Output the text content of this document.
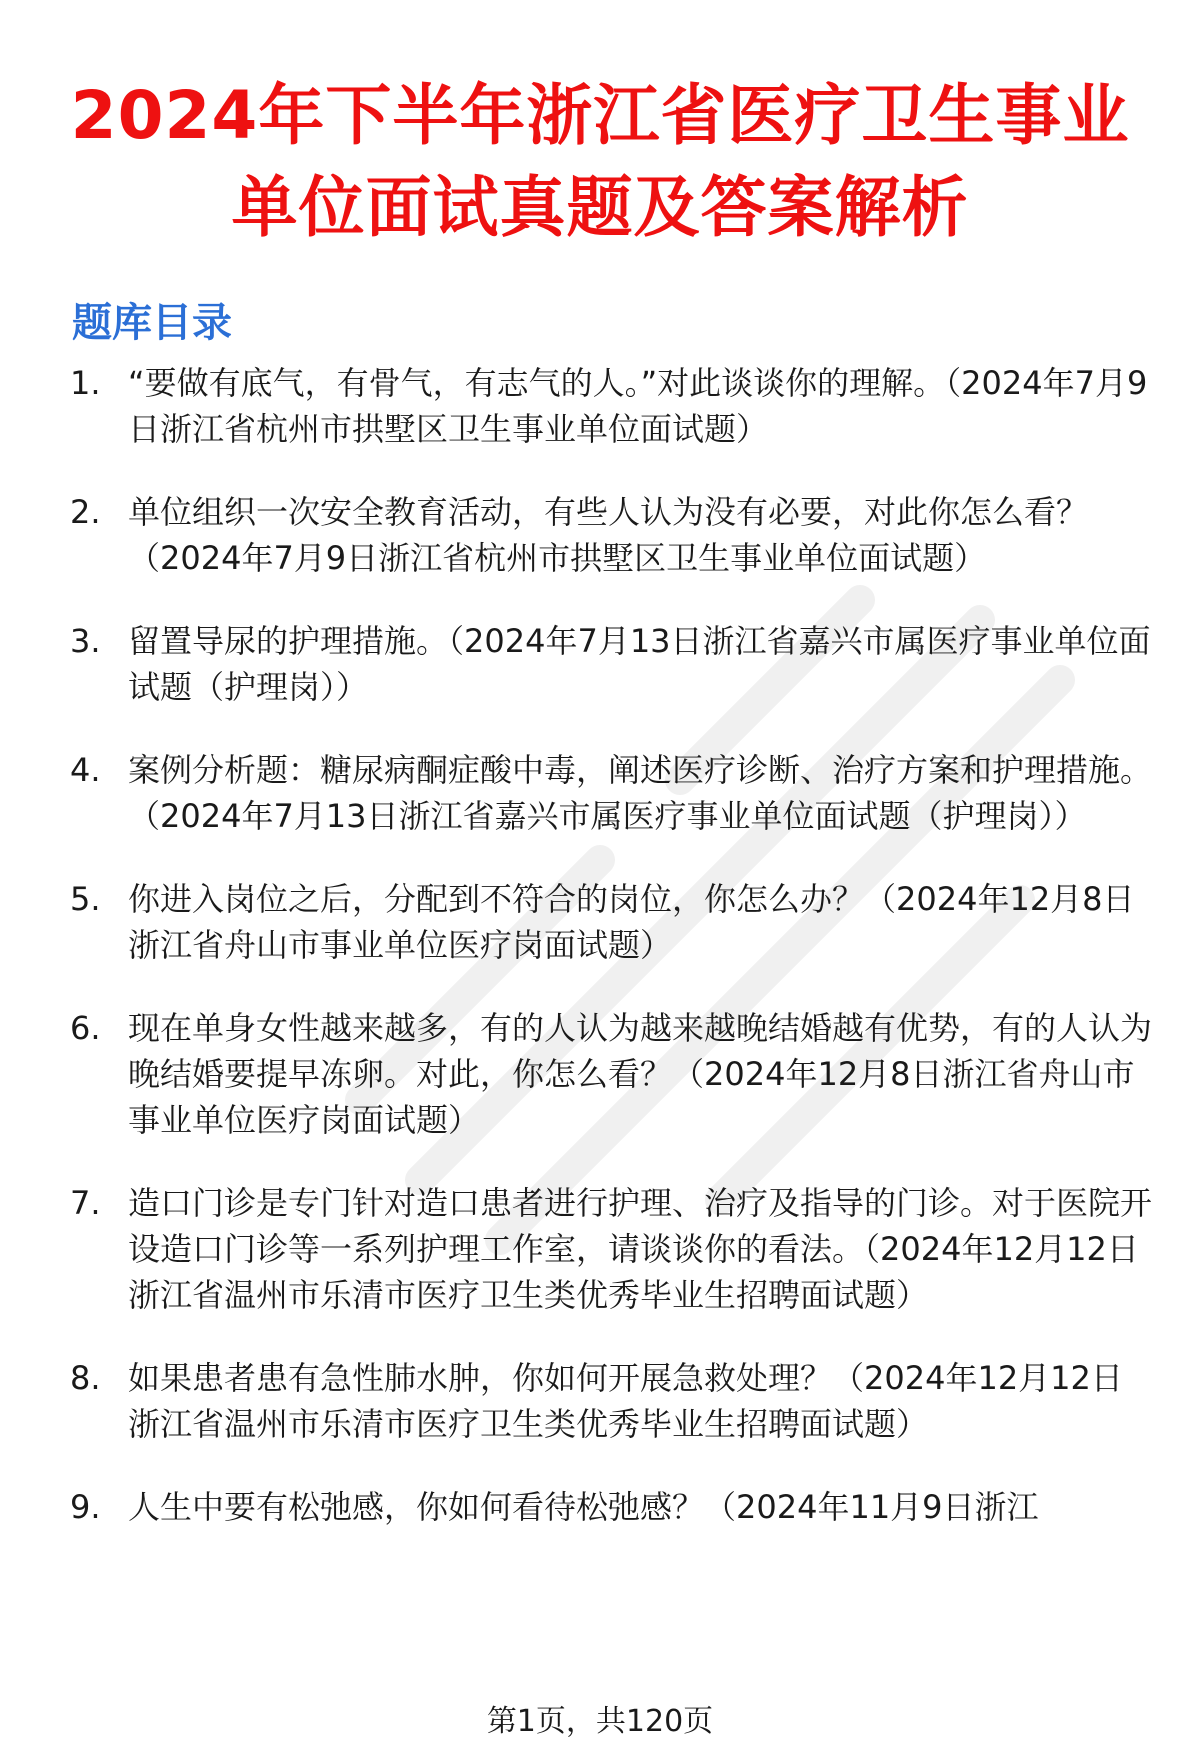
2024年下半年浙江省医疗卫生事业
单位面试真题及答案解析
题库目录
1. “要做有底气，有骨气，有志气的人。”对此谈谈你的理解。（2024年7月9日浙江省杭州市拱墅区卫生事业单位面试题）
2. 单位组织一次安全教育活动，有些人认为没有必要，对此你怎么看？（2024年7月9日浙江省杭州市拱墅区卫生事业单位面试题）
3. 留置导尿的护理措施。（2024年7月13日浙江省嘉兴市属医疗事业单位面试题（护理岗））
4. 案例分析题：糖尿病酮症酸中毒，阐述医疗诊断、治疗方案和护理措施。（2024年7月13日浙江省嘉兴市属医疗事业单位面试题（护理岗））
5. 你进入岗位之后，分配到不符合的岗位，你怎么办？（2024年12月8日浙江省舟山市事业单位医疗岗面试题）
6. 现在单身女性越来越多，有的人认为越来越晚结婚越有优势，有的人认为晚结婚要提早冻卵。对此，你怎么看？（2024年12月8日浙江省舟山市事业单位医疗岗面试题）
7. 造口门诊是专门针对造口患者进行护理、治疗及指导的门诊。对于医院开设造口门诊等一系列护理工作室，请谈谈你的看法。（2024年12月12日浙江省温州市乐清市医疗卫生类优秀毕业生招聘面试题）
8. 如果患者患有急性肺水肿，你如何开展急救处理？（2024年12月12日浙江省温州市乐清市医疗卫生类优秀毕业生招聘面试题）
9. 人生中要有松弛感，你如何看待松弛感？（2024年11月9日浙江
第1页，共120页
